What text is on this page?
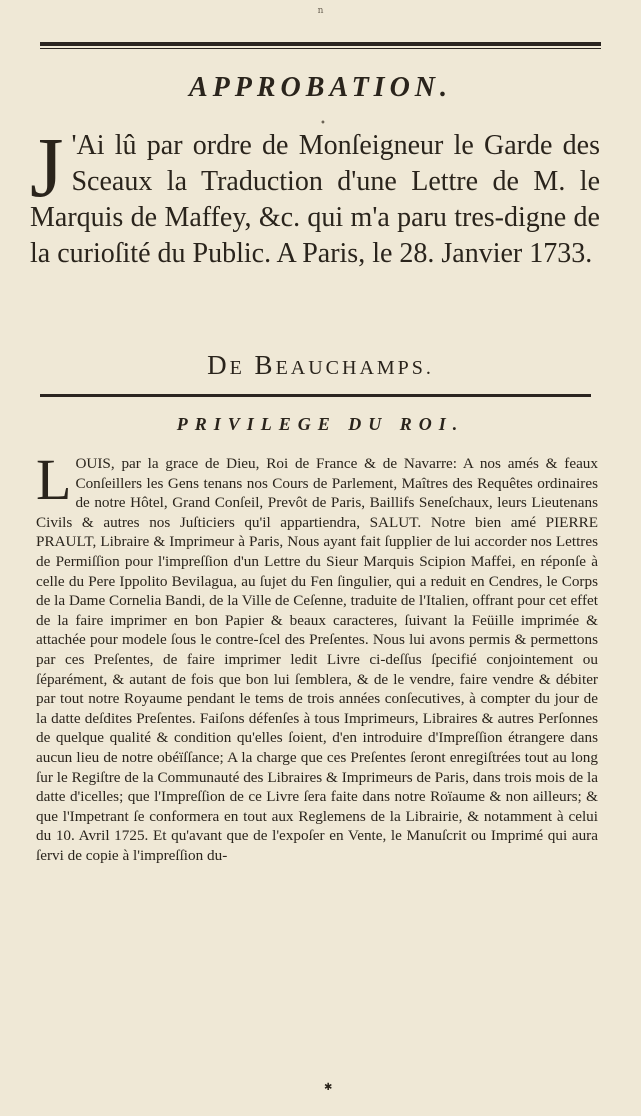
n
APPROBATION.
•
J 'Ai lû par ordre de Monſeigneur le Garde des Sceaux la Traduction d'une Lettre de M. le Marquis de Maffey, &c. qui m'a paru tres-digne de la curioſité du Public. A Paris, le 28. Janvier 1733.
DE BEAUCHAMPS.
PRIVILEGE DU ROI.
L OUIS, par la grace de Dieu, Roi de France & de Navarre: A nos amés & feaux Conſeillers les Gens tenans nos Cours de Parlement, Maîtres des Requêtes ordinaires de notre Hôtel, Grand Conſeil, Prevôt de Paris, Baillifs Seneſchaux, leurs Lieutenans Civils & autres nos Juſticiers qu'il appartiendra, SALUT. Notre bien amé PIERRE PRAULT, Libraire & Imprimeur à Paris, Nous ayant fait ſupplier de lui accorder nos Lettres de Permiſſion pour l'impreſſion d'un Lettre du Sieur Marquis Scipion Maffei, en réponſe à celle du Pere Ippolito Bevilagua, au ſujet du Fen ſingulier, qui a reduit en Cendres, le Corps de la Dame Cornelia Bandi, de la Ville de Ceſenne, traduite de l'Italien, offrant pour cet effet de la faire imprimer en bon Papier & beaux caracteres, ſuivant la Feüille imprimée & attachée pour modele ſous le contre-ſcel des Preſentes. Nous lui avons permis & permettons par ces Preſentes, de faire imprimer ledit Livre ci-deſſus ſpecifié conjointement ou ſéparément, & autant de fois que bon lui ſemblera, & de le vendre, faire vendre & débiter par tout notre Royaume pendant le tems de trois années conſecutives, à compter du jour de la datte deſdites Preſentes. Faiſons défenſes à tous Imprimeurs, Libraires & autres Perſonnes de quelque qualité & condition qu'elles ſoient, d'en introduire d'Impreſſion étrangere dans aucun lieu de notre obéïſſance; A la charge que ces Preſentes ſeront enregiſtrées tout au long ſur le Regiſtre de la Communauté des Libraires & Imprimeurs de Paris, dans trois mois de la datte d'icelles; que l'Impreſſion de ce Livre ſera faite dans notre Roïaume & non ailleurs; & que l'Impetrant ſe conformera en tout aux Reglemens de la Librairie, & notamment à celui du 10. Avril 1725. Et qu'avant que de l'expoſer en Vente, le Manuſcrit ou Imprimé qui aura ſervi de copie à l'impreſſion du-
✱
